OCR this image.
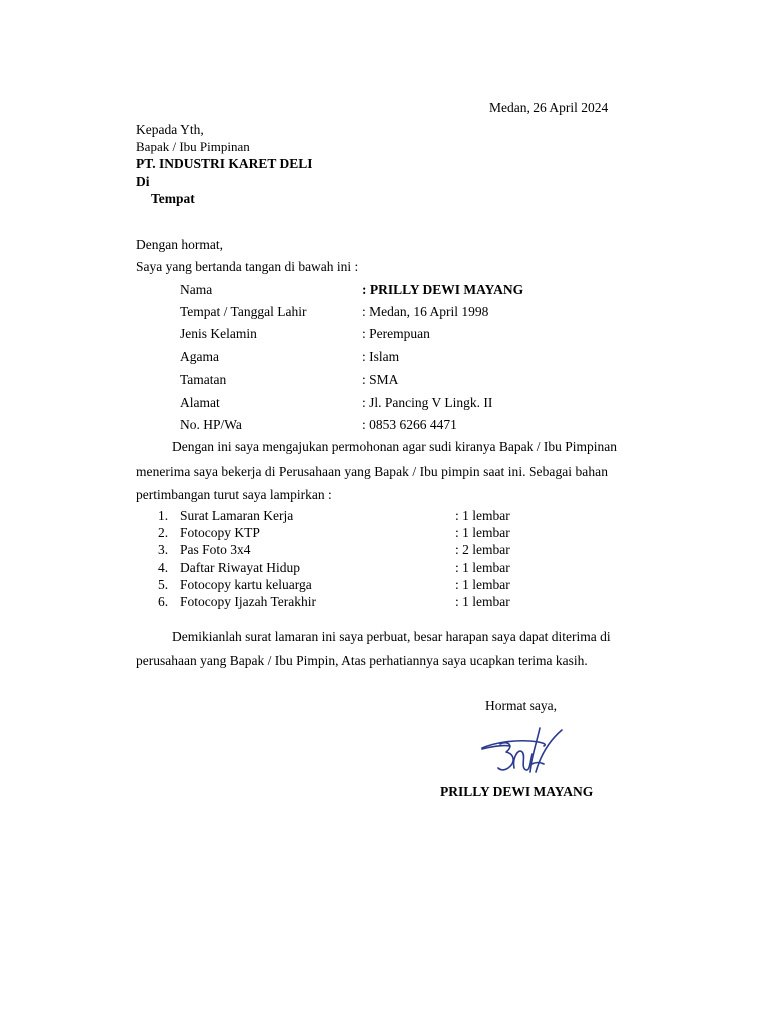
Medan, 26 April 2024
Kepada Yth,
Bapak / Ibu Pimpinan
PT. INDUSTRI KARET DELI
Di
Tempat
Dengan hormat,
Saya yang bertanda tangan di bawah ini :
Nama	: PRILLY DEWI MAYANG
Tempat / Tanggal Lahir	: Medan, 16 April 1998
Jenis Kelamin	: Perempuan
Agama	: Islam
Tamatan	: SMA
Alamat	: Jl. Pancing V Lingk. II
No. HP/Wa	: 0853 6266 4471
Dengan ini saya mengajukan permohonan agar sudi kiranya Bapak / Ibu Pimpinan
menerima saya bekerja di Perusahaan yang Bapak / Ibu pimpin saat ini. Sebagai bahan
pertimbangan turut saya lampirkan :
1. Surat Lamaran Kerja	: 1 lembar
2. Fotocopy KTP	: 1 lembar
3. Pas Foto 3x4	: 2 lembar
4. Daftar Riwayat Hidup	: 1 lembar
5. Fotocopy kartu keluarga	: 1 lembar
6. Fotocopy Ijazah Terakhir	: 1 lembar
Demikianlah surat lamaran ini saya perbuat, besar harapan saya dapat diterima di
perusahaan yang Bapak / Ibu Pimpin, Atas perhatiannya saya ucapkan terima kasih.
Hormat saya,
PRILLY DEWI MAYANG
